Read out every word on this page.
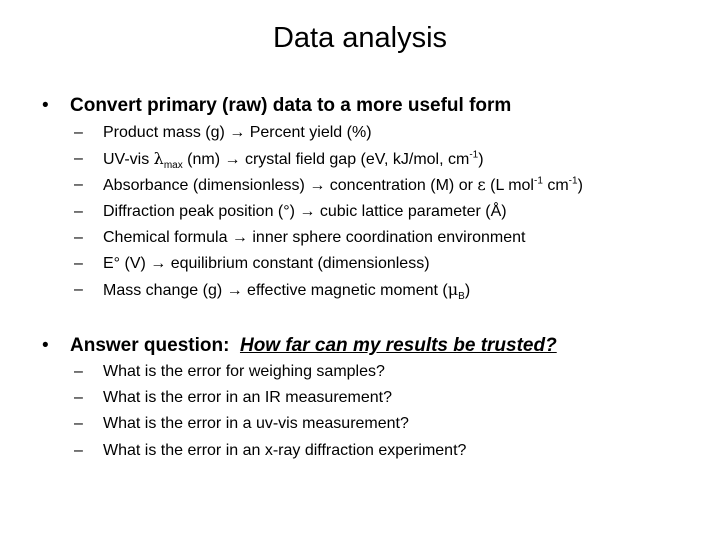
Data analysis
• Convert primary (raw) data to a more useful form
– Product mass (g) → Percent yield (%)
– UV-vis $\lambda_{max}$ (nm) → crystal field gap (eV, kJ/mol, $cm^{-1}$)
– Absorbance (dimensionless) → concentration (M) or ε (L mol$^{-1}$ $cm^{-1}$)
– Diffraction peak position (°) → cubic lattice parameter (Å)
– Chemical formula → inner sphere coordination environment
– E° (V) → equilibrium constant (dimensionless)
– Mass change (g) → effective magnetic moment $(\mu_B)$
• Answer question:  How far can my results be trusted?
– What is the error for weighing samples?
– What is the error in an IR measurement?
– What is the error in a uv-vis measurement?
– What is the error in an x-ray diffraction experiment?
